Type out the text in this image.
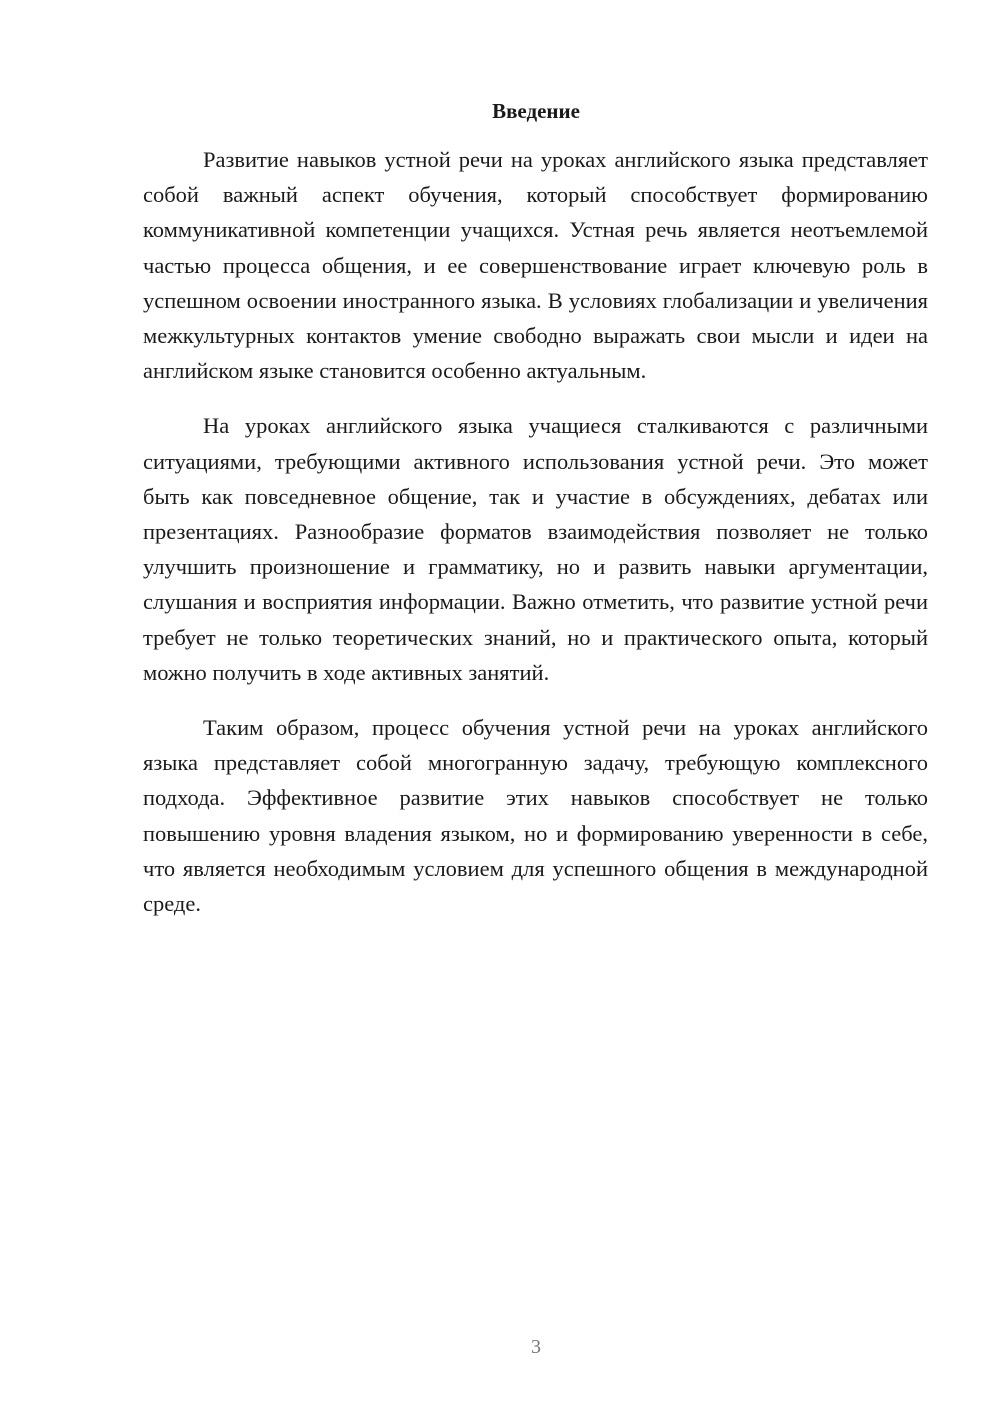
Введение

Развитие навыков устной речи на уроках английского языка представляет собой важный аспект обучения, который способствует формированию коммуникативной компетенции учащихся. Устная речь является неотъемлемой частью процесса общения, и ее совершенствование играет ключевую роль в успешном освоении иностранного языка. В условиях глобализации и увеличения межкультурных контактов умение свободно выражать свои мысли и идеи на английском языке становится особенно актуальным.

На уроках английского языка учащиеся сталкиваются с различными ситуациями, требующими активного использования устной речи. Это может быть как повседневное общение, так и участие в обсуждениях, дебатах или презентациях. Разнообразие форматов взаимодействия позволяет не только улучшить произношение и грамматику, но и развить навыки аргументации, слушания и восприятия информации. Важно отметить, что развитие устной речи требует не только теоретических знаний, но и практического опыта, который можно получить в ходе активных занятий.

Таким образом, процесс обучения устной речи на уроках английского языка представляет собой многогранную задачу, требующую комплексного подхода. Эффективное развитие этих навыков способствует не только повышению уровня владения языком, но и формированию уверенности в себе, что является необходимым условием для успешного общения в международной среде.

3
